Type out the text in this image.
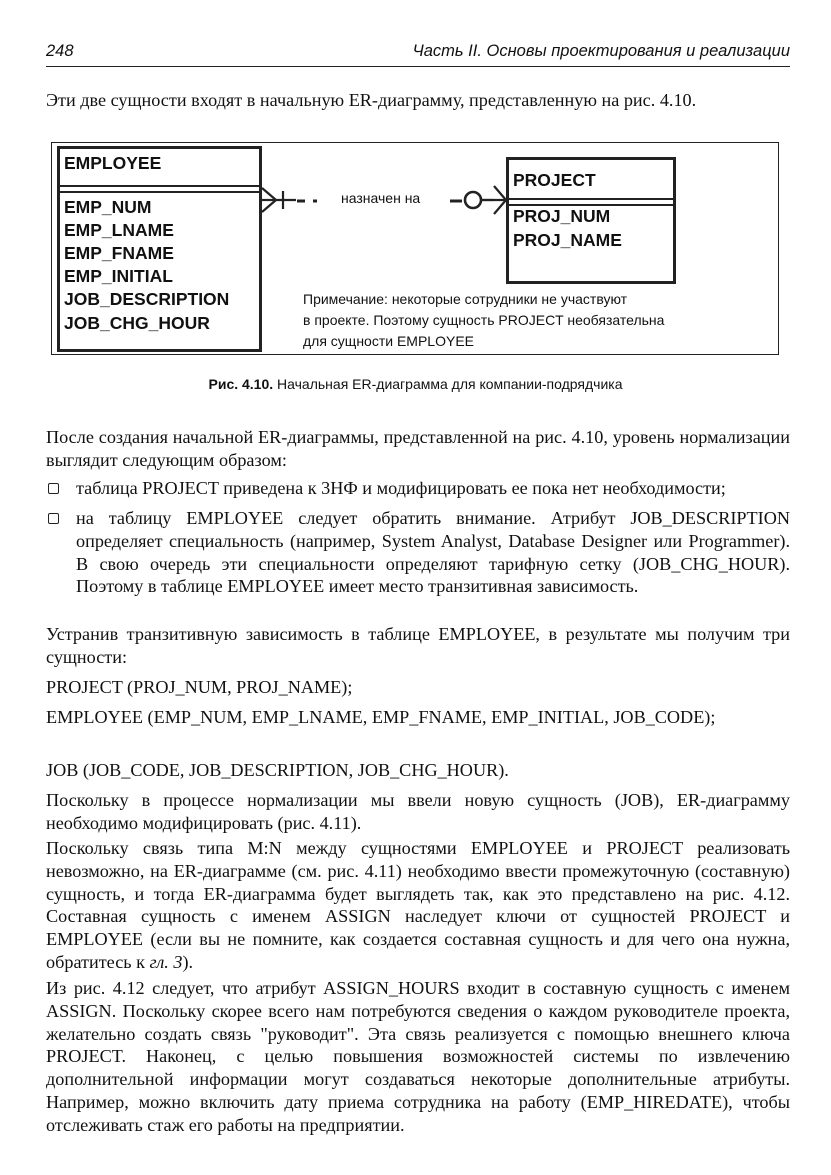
248	Часть II. Основы проектирования и реализации

Эти две сущности входят в начальную ER-диаграмму, представленную на рис. 4.10.

EMPLOYEE
EMP_NUM
EMP_LNAME
EMP_FNAME
EMP_INITIAL
JOB_DESCRIPTION
JOB_CHG_HOUR
PROJECT
PROJ_NUM
PROJ_NAME
назначен на
Примечание: некоторые сотрудники не участвуют
в проекте. Поэтому сущность PROJECT необязательна
для сущности EMPLOYEE
Рис. 4.10. Начальная ER-диаграмма для компании-подрядчика

После создания начальной ER-диаграммы, представленной на рис. 4.10, уровень нормализации выглядит следующим образом:

таблица PROJECT приведена к 3НФ и модифицировать ее пока нет необходимости;
на таблицу EMPLOYEE следует обратить внимание. Атрибут JOB_DESCRIPTION определяет специальность (например, System Analyst, Database Designer или Programmer). В свою очередь эти специальности определяют тарифную сетку (JOB_CHG_HOUR). Поэтому в таблице EMPLOYEE имеет место транзитивная зависимость.

Устранив транзитивную зависимость в таблице EMPLOYEE, в результате мы получим три сущности:

PROJECT (PROJ_NUM, PROJ_NAME);

EMPLOYEE (EMP_NUM, EMP_LNAME, EMP_FNAME, EMP_INITIAL, JOB_CODE);

JOB (JOB_CODE, JOB_DESCRIPTION, JOB_CHG_HOUR).

Поскольку в процессе нормализации мы ввели новую сущность (JOB), ER-диаграмму необходимо модифицировать (рис. 4.11).

Поскольку связь типа M:N между сущностями EMPLOYEE и PROJECT реализовать невозможно, на ER-диаграмме (см. рис. 4.11) необходимо ввести промежуточную (составную) сущность, и тогда ER-диаграмма будет выглядеть так, как это представлено на рис. 4.12. Составная сущность с именем ASSIGN наследует ключи от сущностей PROJECT и EMPLOYEE (если вы не помните, как создается составная сущность и для чего она нужна, обратитесь к гл. 3).

Из рис. 4.12 следует, что атрибут ASSIGN_HOURS входит в составную сущность с именем ASSIGN. Поскольку скорее всего нам потребуются сведения о каждом руководителе проекта, желательно создать связь "руководит". Эта связь реализуется с помощью внешнего ключа PROJECT. Наконец, с целью повышения возможностей системы по извлечению дополнительной информации могут создаваться некоторые дополнительные атрибуты. Например, можно включить дату приема сотрудника на работу (EMP_HIREDATE), чтобы отслеживать стаж его работы на предприятии.
